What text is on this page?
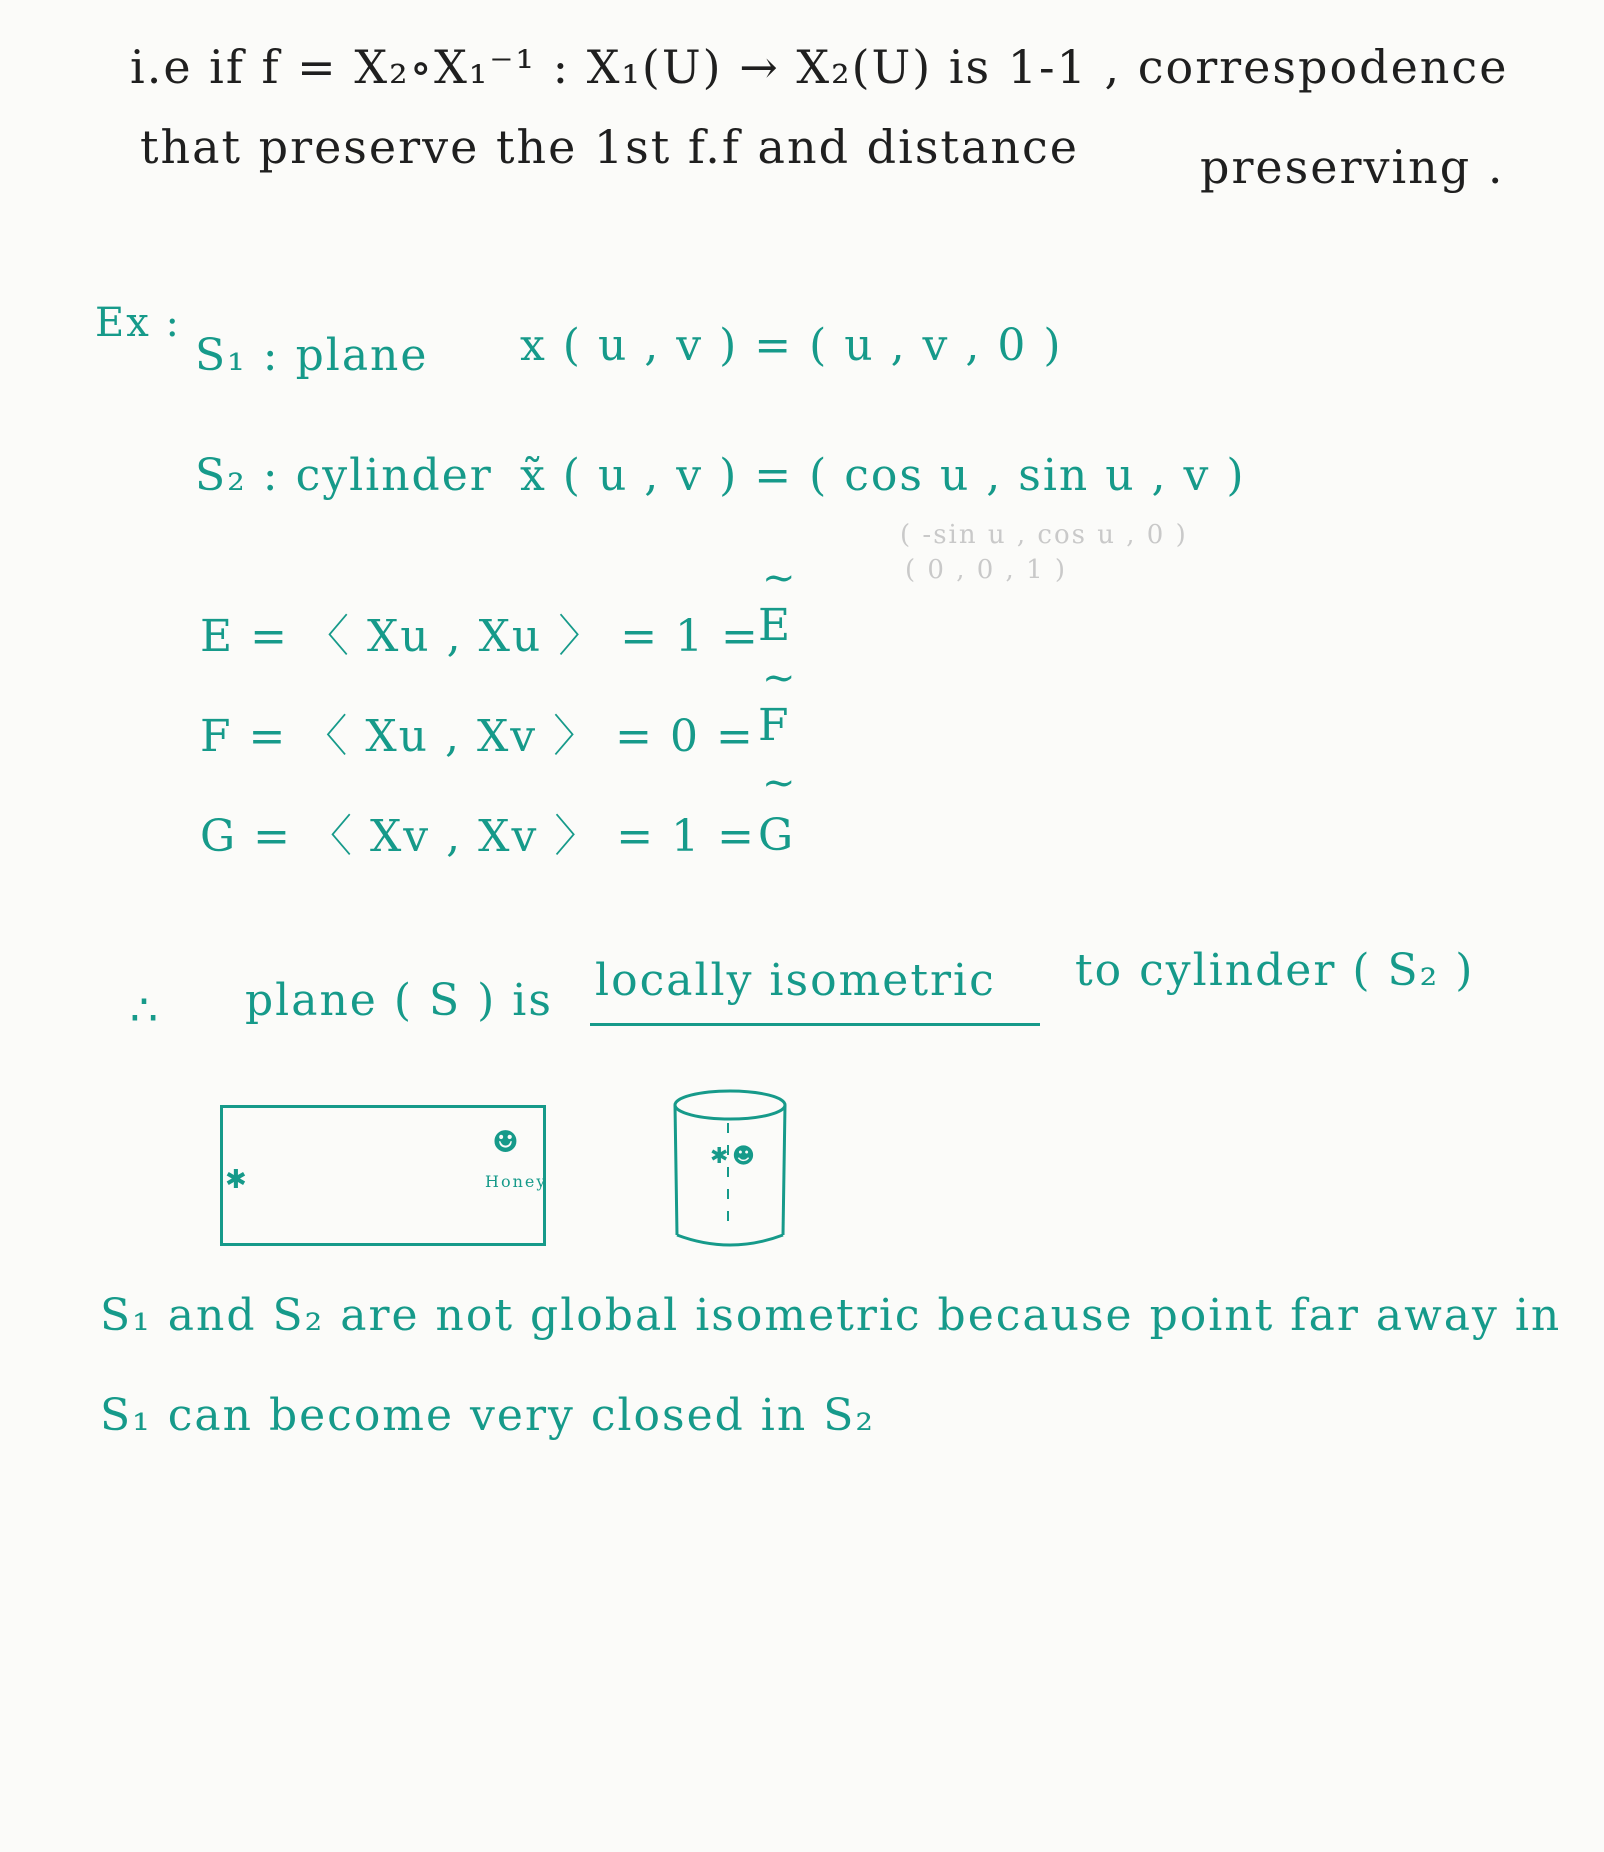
i.e if f = X₂∘X₁⁻¹ : X₁(U) → X₂(U) is 1-1 , correspodence
that preserve the 1st f.f and distance	preserving .
Ex :
S₁ : plane x ( u , v ) = ( u , v , 0 )
S₂ : cylinder x̃ ( u , v ) = ( cos u , sin u , v )
( -sin u , cos u , 0 )
( 0 , 0 , 1 )
E = 〈 Xu , Xu 〉 = 1 =
~
E
F = 〈 Xu , Xv 〉 = 0 =
~
F
G = 〈 Xv , Xv 〉 = 1 =
~
G
∴ plane ( S ) is locally isometric to cylinder ( S₂ )
✱
☻
Honey
✱ ☻
S₁ and S₂ are not global isometric because point far away in
S₁ can become very closed in S₂
